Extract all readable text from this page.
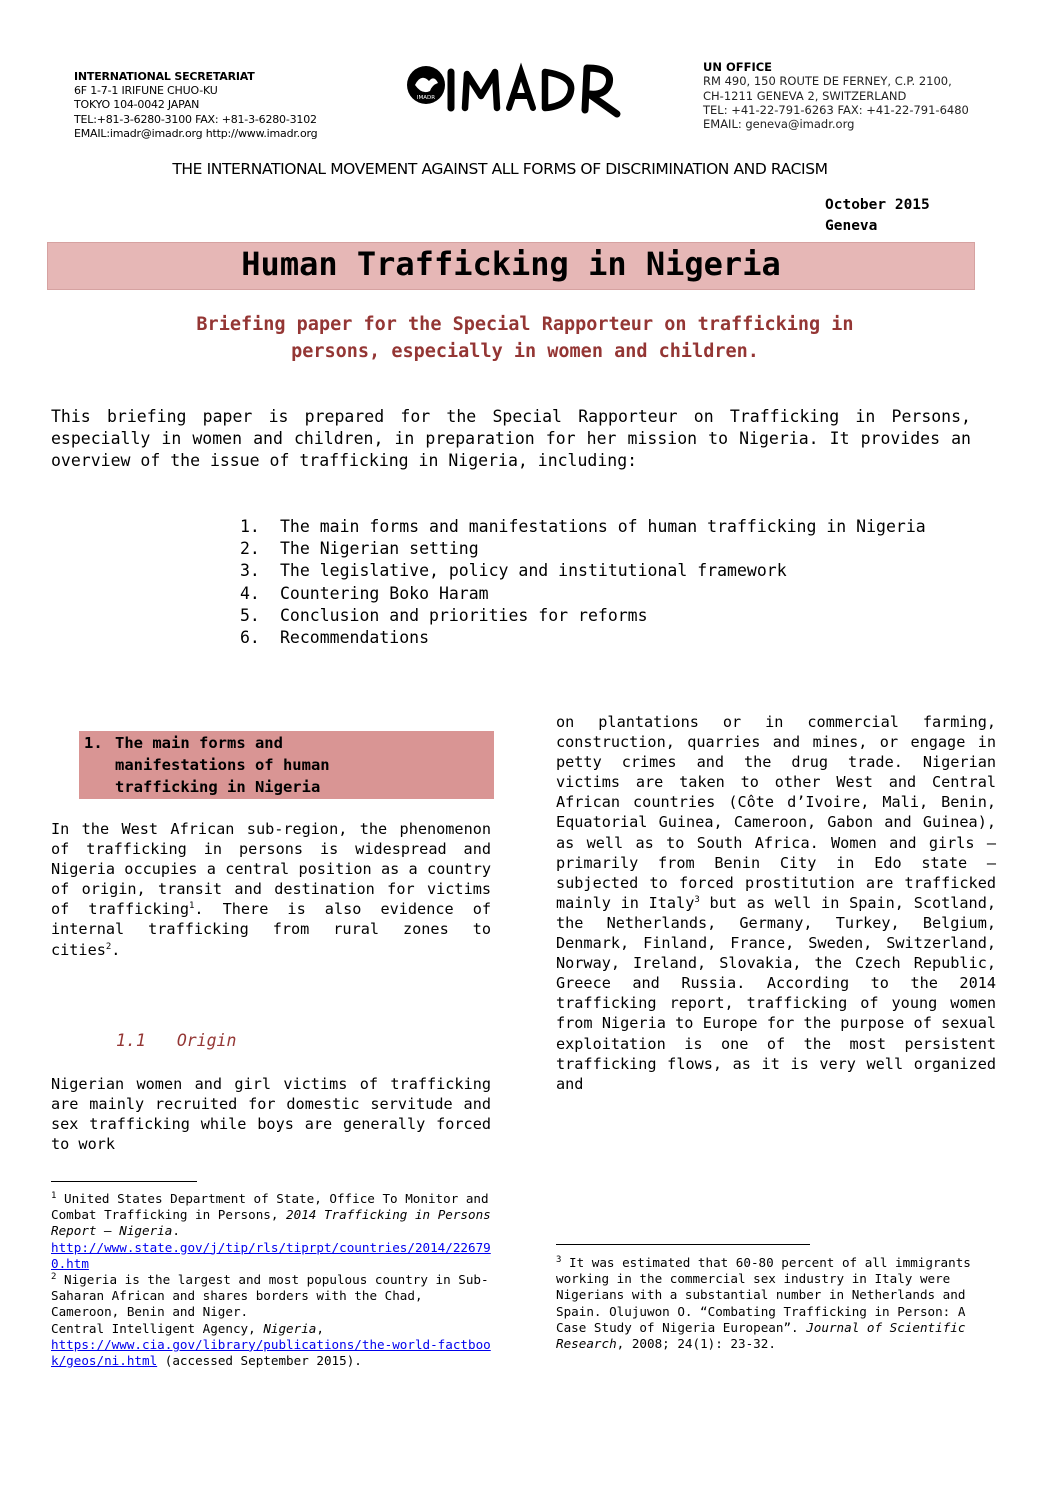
INTERNATIONAL SECRETARIAT
6F 1-7-1 IRIFUNE CHUO-KU
TOKYO 104-0042 JAPAN
TEL:+81-3-6280-3100 FAX: +81-3-6280-3102
EMAIL:imadr@imadr.org http://www.imadr.org
IMADR
UN OFFICE
RM 490, 150 ROUTE DE FERNEY, C.P. 2100,
CH-1211 GENEVA 2, SWITZERLAND
TEL: +41-22-791-6263 FAX: +41-22-791-6480
EMAIL: geneva@imadr.org
THE INTERNATIONAL MOVEMENT AGAINST ALL FORMS OF DISCRIMINATION AND RACISM
October 2015
Geneva
Human Trafficking in Nigeria
Briefing paper for the Special Rapporteur on trafficking in
persons, especially in women and children.
This briefing paper is prepared for the Special Rapporteur on Trafficking in Persons, especially in women and children, in preparation for her mission to Nigeria. It provides an overview of the issue of trafficking in Nigeria, including:
1. The main forms and manifestations of human trafficking in Nigeria
2. The Nigerian setting
3. The legislative, policy and institutional framework
4. Countering Boko Haram
5. Conclusion and priorities for reforms
6. Recommendations
1. The main forms and manifestations of human trafficking in Nigeria

In the West African sub-region, the phenomenon of trafficking in persons is widespread and Nigeria occupies a central position as a country of origin, transit and destination for victims of trafficking$^1$. There is also evidence of internal trafficking from rural zones to cities$^2$.

1.1 Origin

Nigerian women and girl victims of trafficking are mainly recruited for domestic servitude and sex trafficking while boys are generally forced to work

on plantations or in commercial farming, construction, quarries and mines, or engage in petty crimes and the drug trade. Nigerian victims are taken to other West and Central African countries (Côte d’Ivoire, Mali, Benin, Equatorial Guinea, Cameroon, Gabon and Guinea), as well as to South Africa. Women and girls – primarily from Benin City in Edo state – subjected to forced prostitution are trafficked mainly in Italy$^3$ but as well in Spain, Scotland, the Netherlands, Germany, Turkey, Belgium, Denmark, Finland, France, Sweden, Switzerland, Norway, Ireland, Slovakia, the Czech Republic, Greece and Russia. According to the 2014 trafficking report, trafficking of young women from Nigeria to Europe for the purpose of sexual exploitation is one of the most persistent trafficking flows, as it is very well organized and

$^1$ United States Department of State, Office To Monitor and Combat Trafficking in Persons, 2014 Trafficking in Persons Report – Nigeria.
http://www.state.gov/j/tip/rls/tiprpt/countries/2014/226790.htm
$^2$ Nigeria is the largest and most populous country in Sub-Saharan African and shares borders with the Chad, Cameroon, Benin and Niger.
Central Intelligent Agency, Nigeria,
https://www.cia.gov/library/publications/the-world-factbook/geos/ni.html (accessed September 2015).
$^3$ It was estimated that 60-80 percent of all immigrants working in the commercial sex industry in Italy were Nigerians with a substantial number in Netherlands and Spain. Olujuwon O. “Combating Trafficking in Person: A Case Study of Nigeria European”. Journal of Scientific Research, 2008; 24(1): 23-32.
